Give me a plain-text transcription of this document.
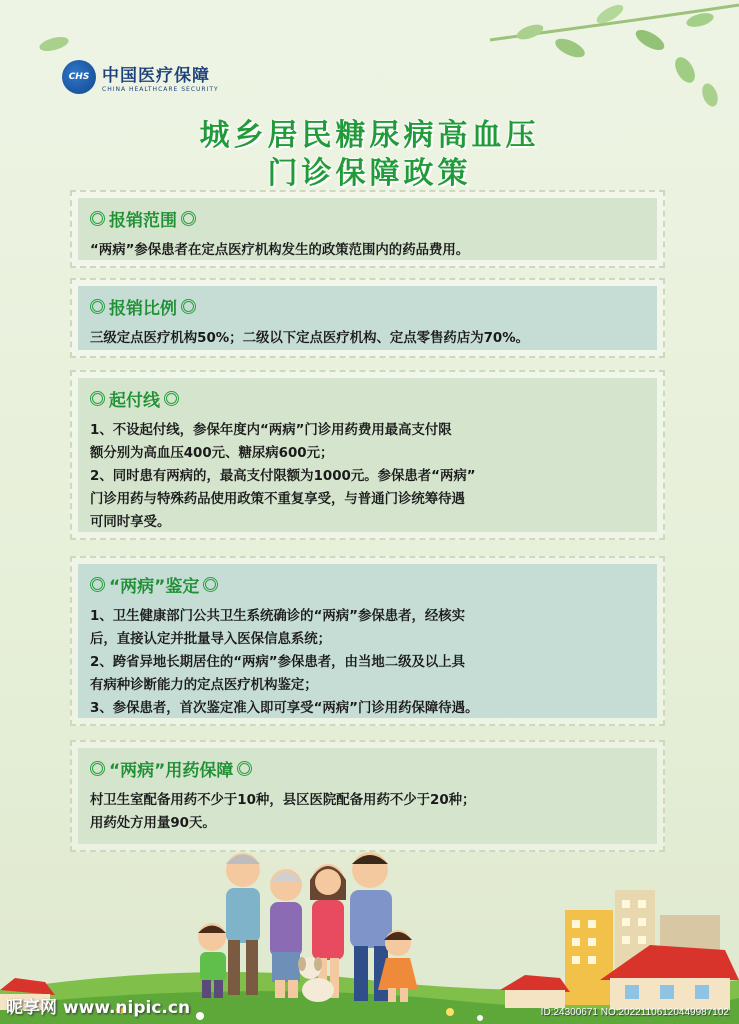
CHS 中国医疗保障
CHINA HEALTHCARE SECURITY
城乡居民糖尿病高血压
门诊保障政策
报销范围

“两病”参保患者在定点医疗机构发生的政策范围内的药品费用。

报销比例

三级定点医疗机构50%；二级以下定点医疗机构、定点零售药店为70%。

起付线

1、不设起付线，参保年度内“两病”门诊用药费用最高支付限

额分别为高血压400元、糖尿病600元；

2、同时患有两病的，最高支付限额为1000元。参保患者“两病”

门诊用药与特殊药品使用政策不重复享受，与普通门诊统筹待遇

可同时享受。

“两病”鉴定

1、卫生健康部门公共卫生系统确诊的“两病”参保患者，经核实

后，直接认定并批量导入医保信息系统；

2、跨省异地长期居住的“两病”参保患者，由当地二级及以上具

有病种诊断能力的定点医疗机构鉴定；

3、参保患者，首次鉴定准入即可享受“两病”门诊用药保障待遇。

“两病”用药保障

村卫生室配备用药不少于10种，县区医院配备用药不少于20种；

用药处方用量90天。

昵享网 www.nipic.cn	ID:24300671 NO:20221106120449987102
